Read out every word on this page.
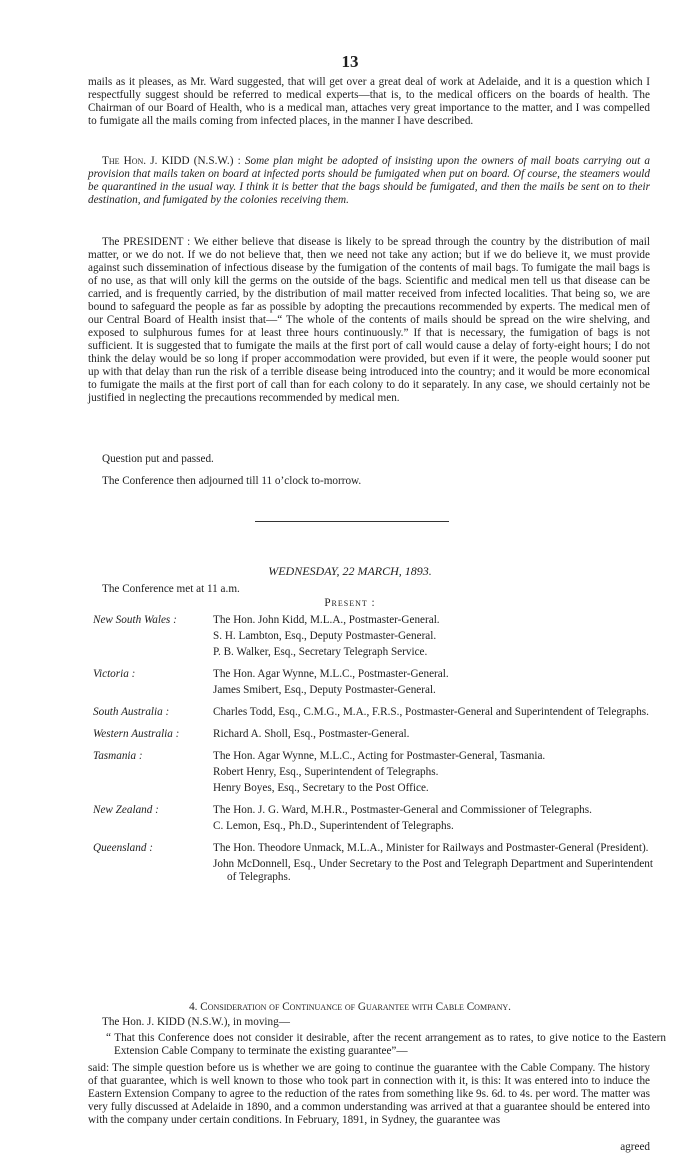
13
mails as it pleases, as Mr. Ward suggested, that will get over a great deal of work at Adelaide, and it is a question which I respectfully suggest should be referred to medical experts—that is, to the medical officers on the boards of health. The Chairman of our Board of Health, who is a medical man, attaches very great importance to the matter, and I was compelled to fumigate all the mails coming from infected places, in the manner I have described.
The Hon. J. KIDD (N.S.W.) : Some plan might be adopted of insisting upon the owners of mail boats carrying out a provision that mails taken on board at infected ports should be fumigated when put on board. Of course, the steamers would be quarantined in the usual way. I think it is better that the bags should be fumigated, and then the mails be sent on to their destination, and fumigated by the colonies receiving them.
The PRESIDENT : We either believe that disease is likely to be spread through the country by the distribution of mail matter, or we do not. If we do not believe that, then we need not take any action; but if we do believe it, we must provide against such dissemination of infectious disease by the fumigation of the contents of mail bags. To fumigate the mail bags is of no use, as that will only kill the germs on the outside of the bags. Scientific and medical men tell us that disease can be carried, and is frequently carried, by the distribution of mail matter received from infected localities. That being so, we are bound to safeguard the people as far as possible by adopting the precautions recommended by experts. The medical men of our Central Board of Health insist that—“ The whole of the contents of mails should be spread on the wire shelving, and exposed to sulphurous fumes for at least three hours continuously.” If that is necessary, the fumigation of bags is not sufficient. It is suggested that to fumigate the mails at the first port of call would cause a delay of forty-eight hours; I do not think the delay would be so long if proper accommodation were provided, but even if it were, the people would sooner put up with that delay than run the risk of a terrible disease being introduced into the country; and it would be more economical to fumigate the mails at the first port of call than for each colony to do it separately. In any case, we should certainly not be justified in neglecting the precautions recommended by medical men.
Question put and passed.
The Conference then adjourned till 11 o’clock to-morrow.
WEDNESDAY, 22 MARCH, 1893.
The Conference met at 11 a.m.
Present :
New South Wales :	The Hon. John Kidd, M.L.A., Postmaster-General.
S. H. Lambton, Esq., Deputy Postmaster-General.
P. B. Walker, Esq., Secretary Telegraph Service.
Victoria :	The Hon. Agar Wynne, M.L.C., Postmaster-General.
James Smibert, Esq., Deputy Postmaster-General.
South Australia :	Charles Todd, Esq., C.M.G., M.A., F.R.S., Postmaster-General and Superintendent of Telegraphs.
Western Australia :	Richard A. Sholl, Esq., Postmaster-General.
Tasmania :	The Hon. Agar Wynne, M.L.C., Acting for Postmaster-General, Tasmania.
Robert Henry, Esq., Superintendent of Telegraphs.
Henry Boyes, Esq., Secretary to the Post Office.
New Zealand :	The Hon. J. G. Ward, M.H.R., Postmaster-General and Commissioner of Telegraphs.
C. Lemon, Esq., Ph.D., Superintendent of Telegraphs.
Queensland :	The Hon. Theodore Unmack, M.L.A., Minister for Railways and Postmaster-General (President).
John McDonnell, Esq., Under Secretary to the Post and Telegraph Department and Superintendent of Telegraphs.
4. Consideration of Continuance of Guarantee with Cable Company.
The Hon. J. KIDD (N.S.W.), in moving—
“ That this Conference does not consider it desirable, after the recent arrangement as to rates, to give notice to the Eastern Extension Cable Company to terminate the existing guarantee”—
said: The simple question before us is whether we are going to continue the guarantee with the Cable Company. The history of that guarantee, which is well known to those who took part in connection with it, is this: It was entered into to induce the Eastern Extension Company to agree to the reduction of the rates from something like 9s. 6d. to 4s. per word. The matter was very fully discussed at Adelaide in 1890, and a common understanding was arrived at that a guarantee should be entered into with the company under certain conditions. In February, 1891, in Sydney, the guarantee was
agreed
